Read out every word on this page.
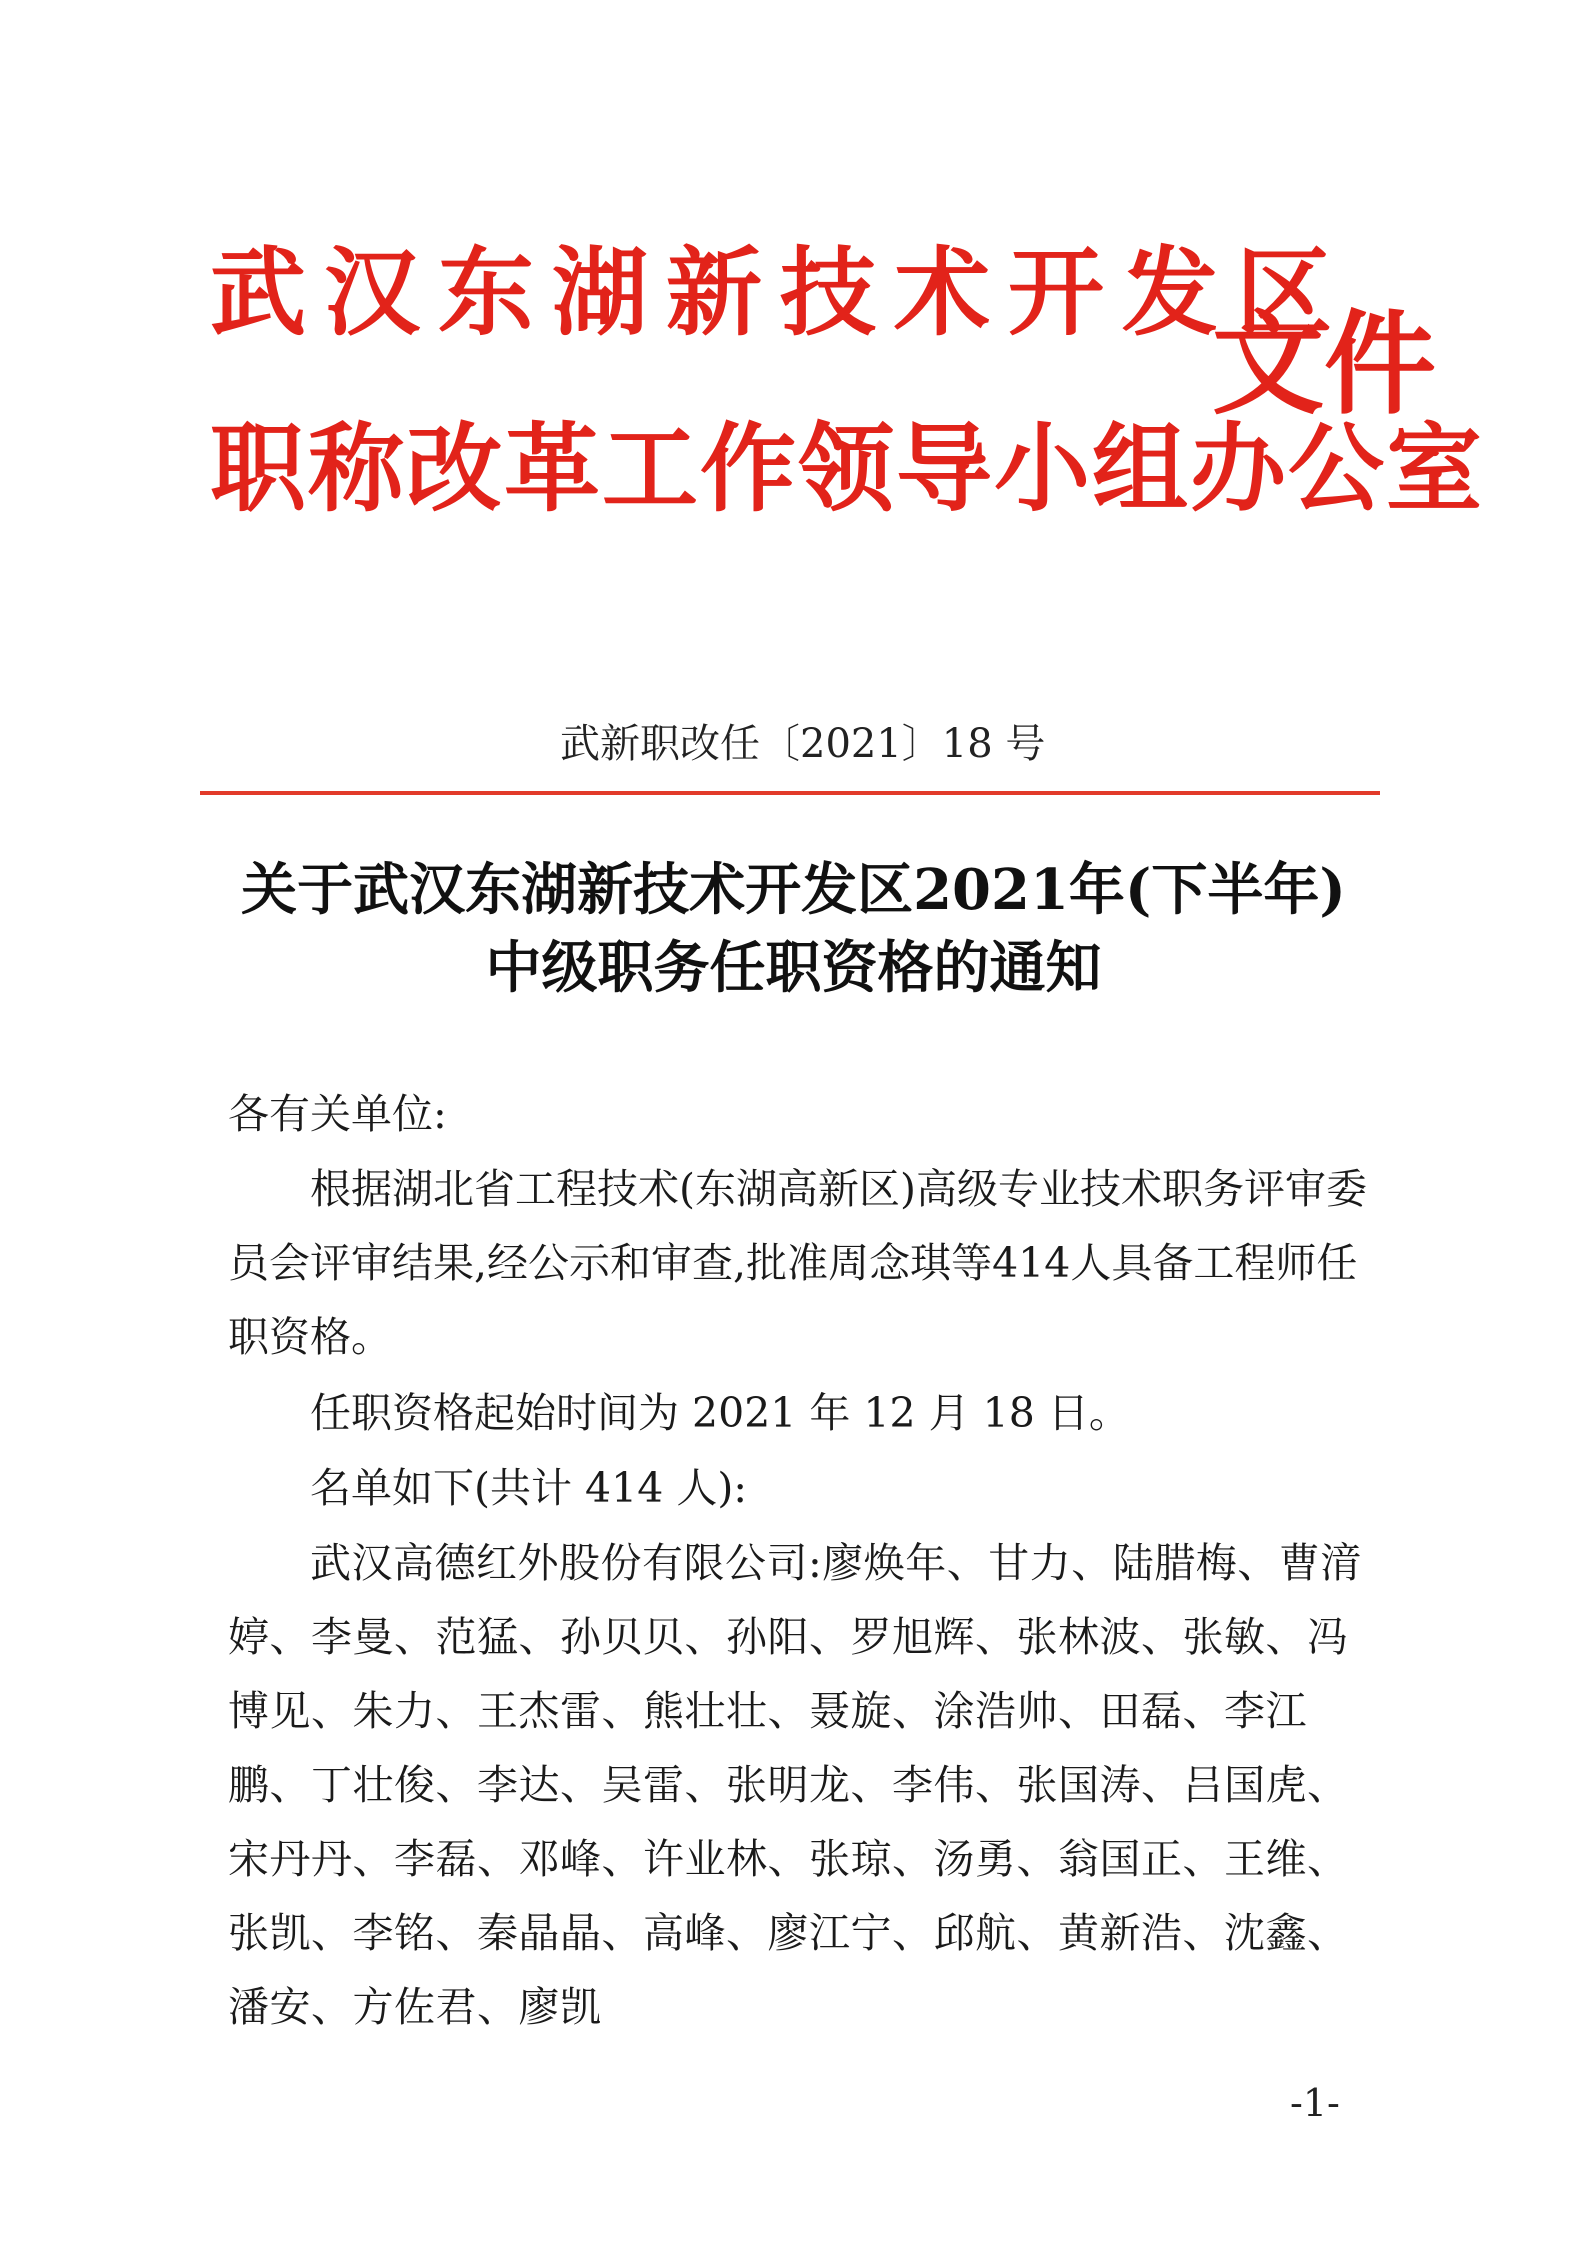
武汉东湖新技术开发区
职称改革工作领导小组办公室
文件
武新职改任〔2021〕18 号
关于武汉东湖新技术开发区2021年(下半年)
中级职务任职资格的通知
各有关单位:

根据湖北省工程技术(东湖高新区)高级专业技术职务评审委员会评审结果,经公示和审查,批准周念琪等414人具备工程师任职资格。

任职资格起始时间为 2021 年 12 月 18 日。

名单如下(共计 414 人):

武汉高德红外股份有限公司:廖焕年、甘力、陆腊梅、曹湇婷、李曼、范猛、孙贝贝、孙阳、罗旭辉、张林波、张敏、冯博见、朱力、王杰雷、熊壮壮、聂旋、涂浩帅、田磊、李江鹏、丁壮俊、李达、吴雷、张明龙、李伟、张国涛、吕国虎、宋丹丹、李磊、邓峰、许业林、张琼、汤勇、翁国正、王维、张凯、李铭、秦晶晶、高峰、廖江宁、邱航、黄新浩、沈鑫、潘安、方佐君、廖凯

-1-
